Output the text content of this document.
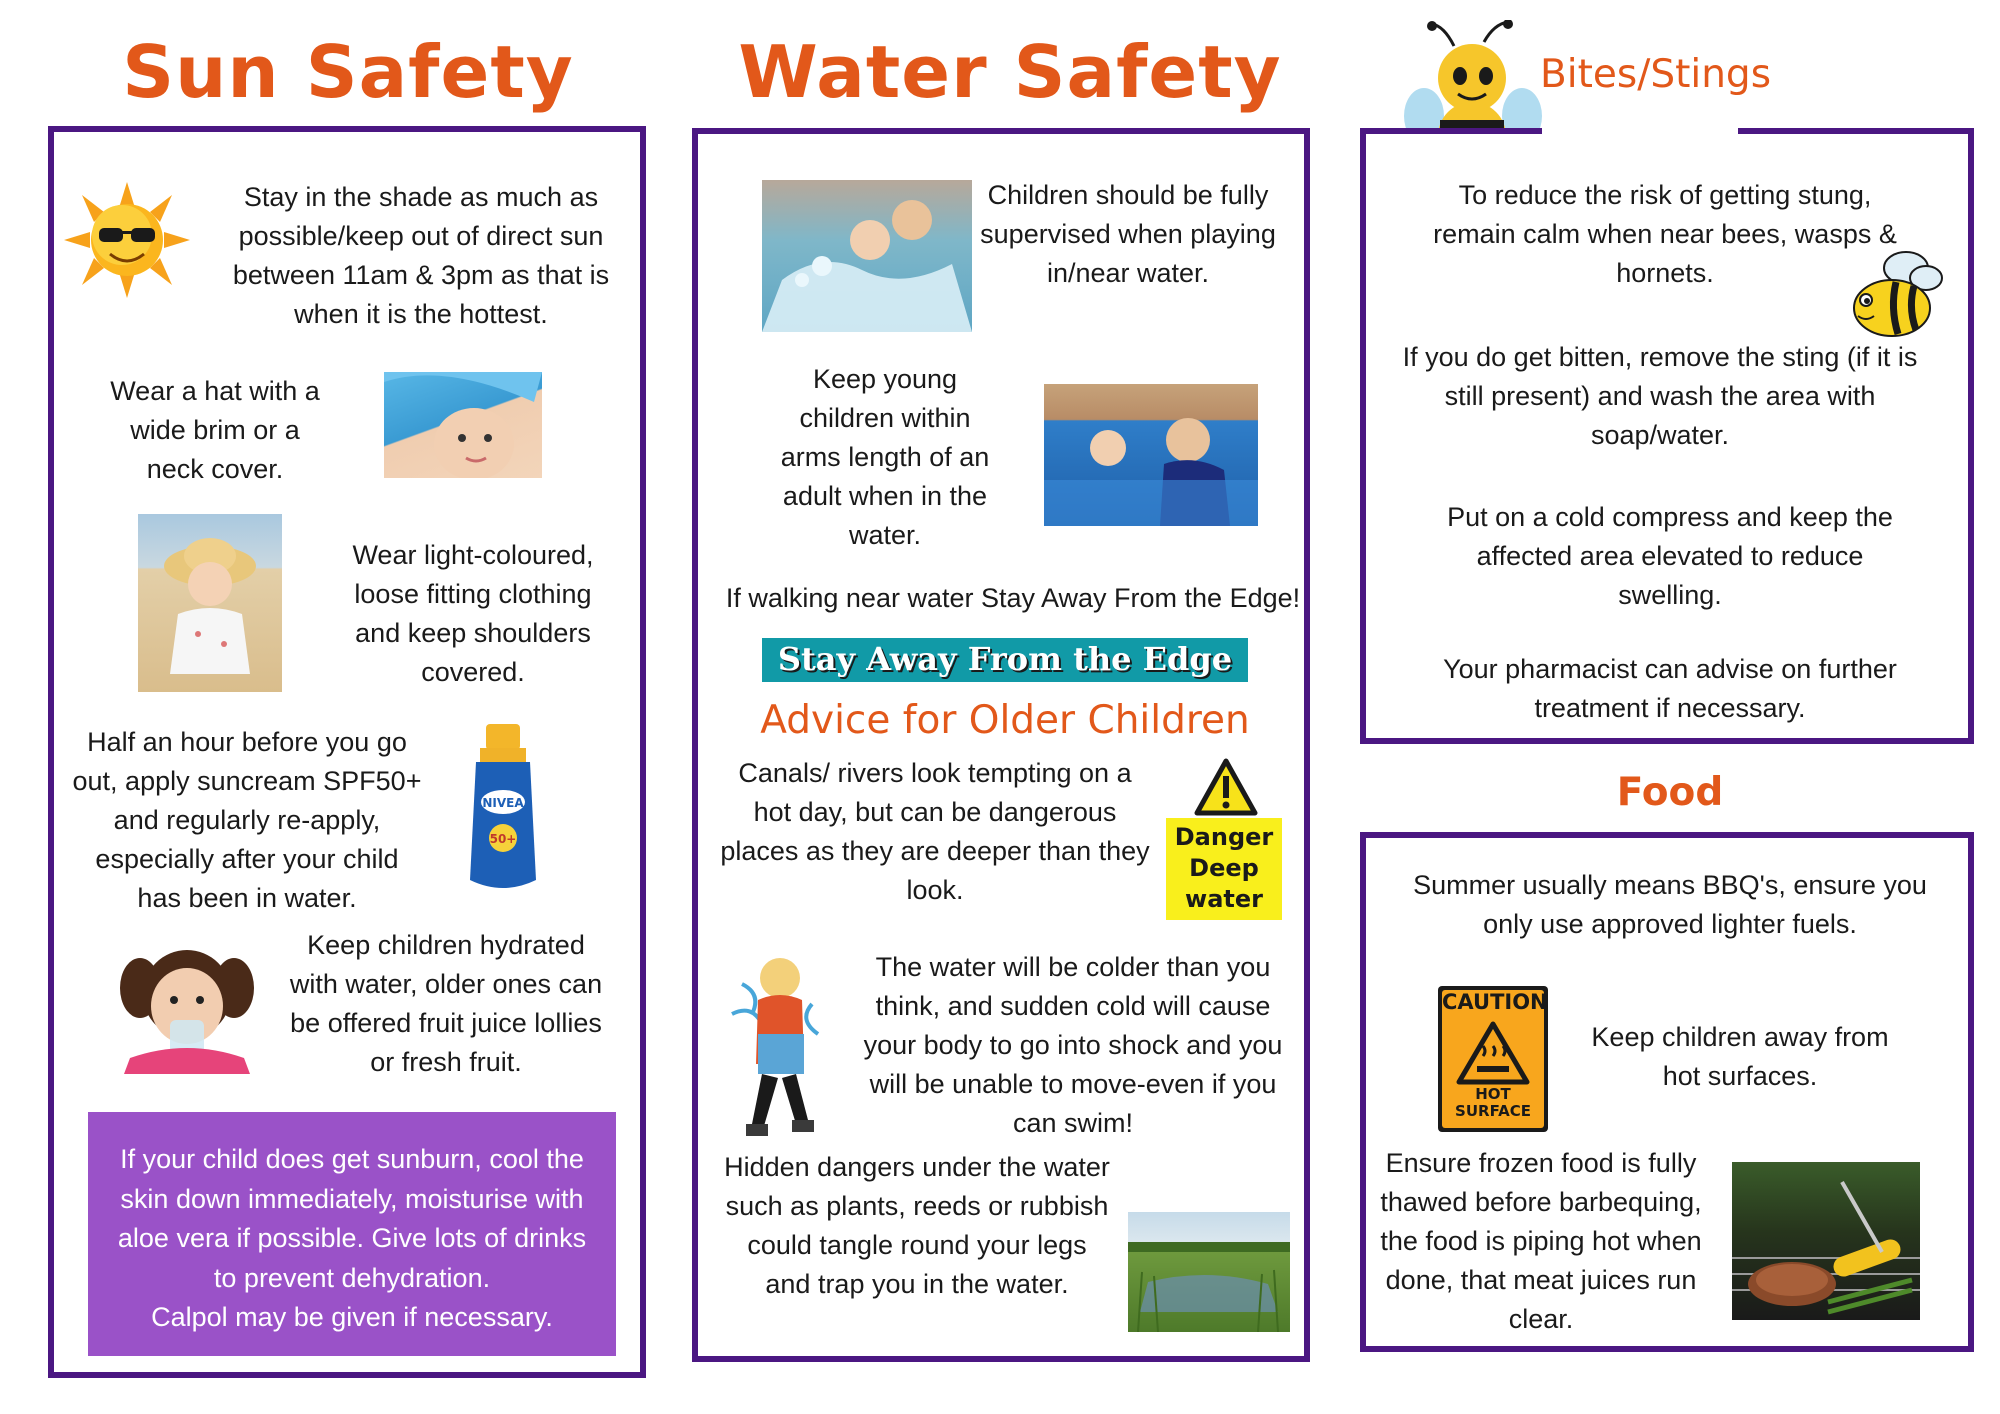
Sun Safety
Stay in the shade as much as possible/keep out of direct sun between 11am & 3pm as that is when it is the hottest.
Wear a hat with a wide brim or a neck cover.
Wear light-coloured, loose fitting clothing and keep shoulders covered.
Half an hour before you go out, apply suncream SPF50+ and regularly re-apply, especially after your child has been in water.
NIVEA
50+
Keep children hydrated with water, older ones can be offered fruit juice lollies or fresh fruit.
If your child does get sunburn, cool the skin down immediately, moisturise with aloe vera if possible. Give lots of drinks to prevent dehydration.
Calpol may be given if necessary.
Water Safety
Children should be fully supervised when playing in/near water.
Keep young children within arms length of an adult when in the water.
If walking near water Stay Away From the Edge!
Stay Away From the Edge
Advice for Older Children
Canals/ rivers look tempting on a hot day, but can be dangerous places as they are deeper than they look.
Danger Deep water
The water will be colder than you think, and sudden cold will cause your body to go into shock and you will be unable to move-even if you can swim!
Hidden dangers under the water such as plants, reeds or rubbish could tangle round your legs and trap you in the water.
Bites/Stings
To reduce the risk of getting stung, remain calm when near bees, wasps & hornets.
If you do get bitten, remove the sting (if it is still present) and wash the area with soap/water.
Put on a cold compress and keep the affected area elevated to reduce swelling.
Your pharmacist can advise on further treatment if necessary.
Food
Summer usually means BBQ's, ensure you only use approved lighter fuels.
CAUTION
HOT SURFACE
Keep children away from hot surfaces.
Ensure frozen food is fully thawed before barbequing, the food is piping hot when done, that meat juices run clear.
